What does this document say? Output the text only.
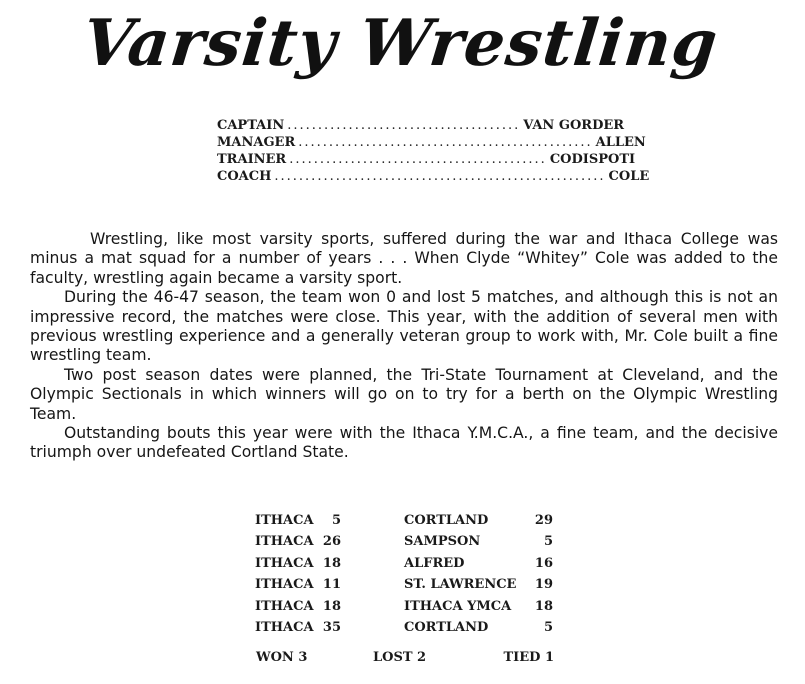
Varsity Wrestling
CAPTAIN ...................................... VAN GORDER
MANAGER ................................................ ALLEN
TRAINER .......................................... CODISPOTI
COACH ...................................................... COLE

Wrestling, like most varsity sports, suffered during the war and Ithaca College was minus a mat squad for a number of years . . . When Clyde “Whitey” Cole was added to the faculty, wrestling again became a varsity sport.

During the 46-47 season, the team won 0 and lost 5 matches, and although this is not an impressive record, the matches were close. This year, with the addition of several men with previous wrestling experience and a generally veteran group to work with, Mr. Cole built a fine wrestling team.

Two post season dates were planned, the Tri-State Tournament at Cleveland, and the Olympic Sectionals in which winners will go on to try for a berth on the Olympic Wrestling Team.

Outstanding bouts this year were with the Ithaca Y.M.C.A., a fine team, and the decisive triumph over undefeated Cortland State.

ITHACA	5	CORTLAND	29
ITHACA 26	SAMPSON	5
ITHACA 18	ALFRED	16
ITHACA 11	ST. LAWRENCE	19
ITHACA 18	ITHACA YMCA	18
ITHACA 35	CORTLAND	5
WON 3	LOST 2	TIED 1
